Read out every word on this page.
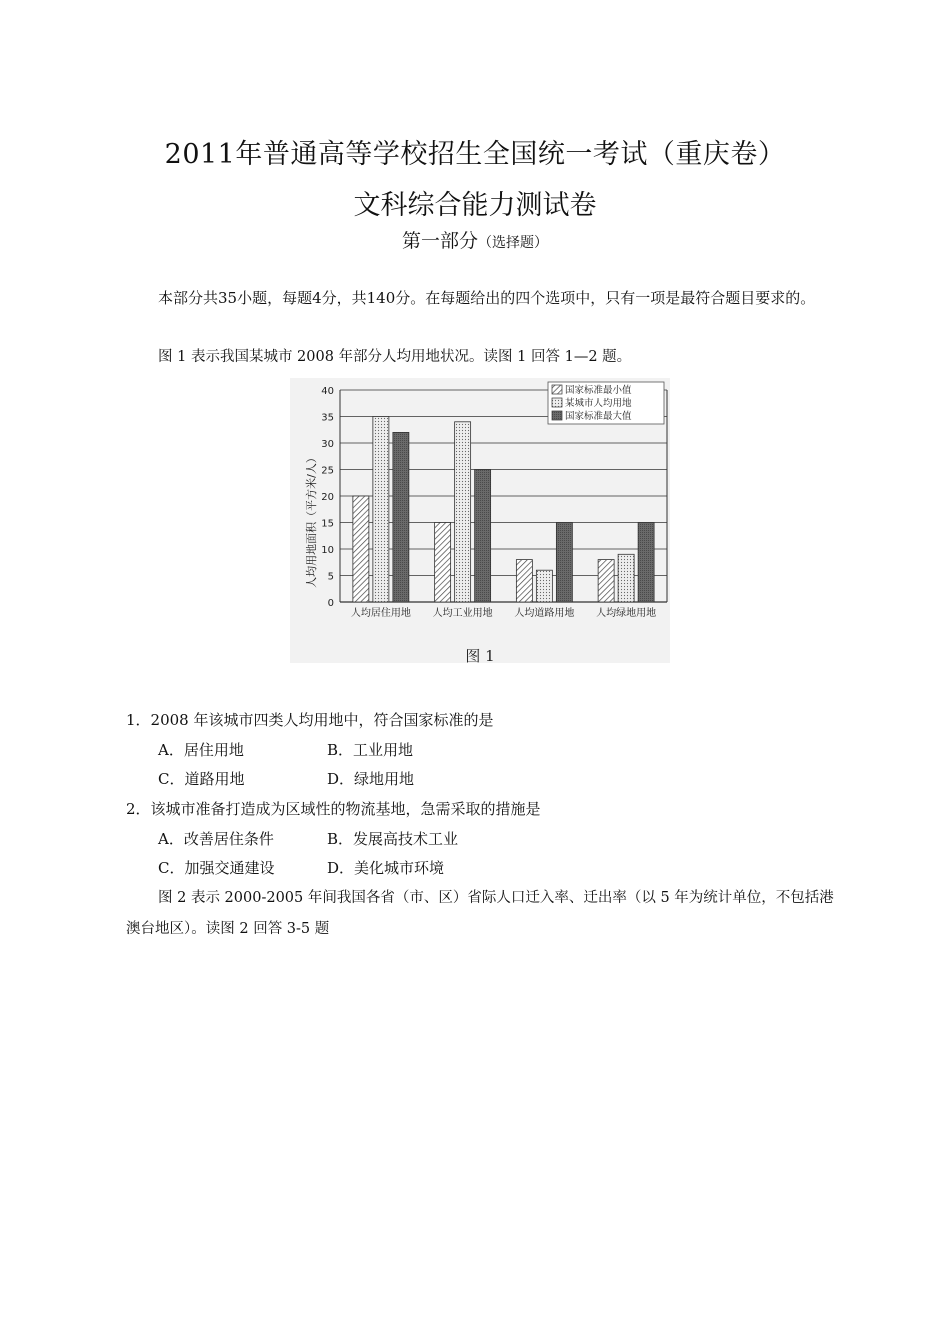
2011年普通高等学校招生全国统一考试（重庆卷）
文科综合能力测试卷
第一部分（选择题）
本部分共35小题，每题4分，共140分。在每题给出的四个选项中，只有一项是最符合题目要求的。
图 1 表示我国某城市 2008 年部分人均用地状况。读图 1 回答 1—2 题。
0
5
10
15
20
25
30
35
40
人均居住用地 人均工业用地 人均道路用地 人均绿地用地
国家标准最小值
某城市人均用地
国家标准最大值
人均用地面积（平方米/人）
图 1
1．2008 年该城市四类人均用地中，符合国家标准的是
A．居住用地	B．工业用地
C．道路用地	D．绿地用地
2．该城市准备打造成为区域性的物流基地，急需采取的措施是
A．改善居住条件	B．发展高技术工业
C．加强交通建设	D．美化城市环境
图 2 表示 2000-2005 年间我国各省（市、区）省际人口迁入率、迁出率（以 5 年为统计单位，不包括港澳台地区）。读图 2 回答 3-5 题
